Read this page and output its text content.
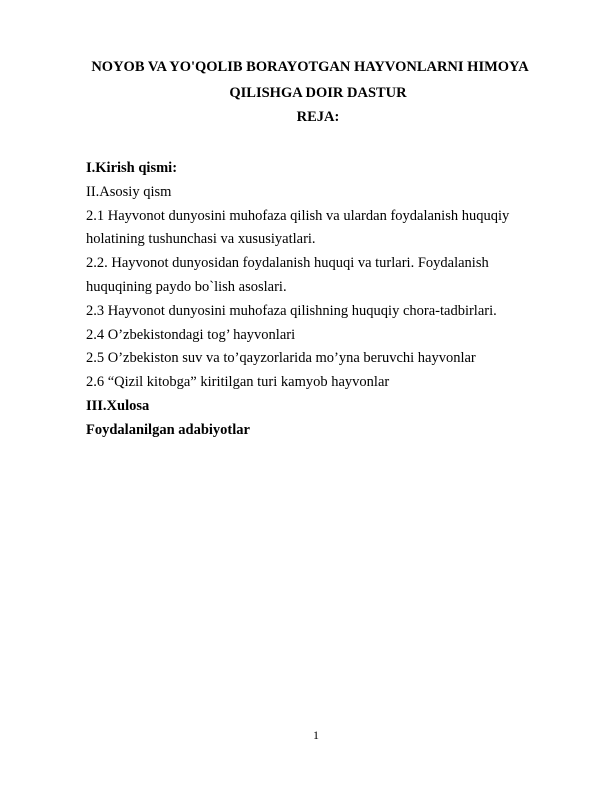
NOYOB VA YO'QOLIB BORAYOTGAN HAYVONLARNI HIMOYA
QILISHGA DOIR DASTUR
REJA:
I.Kirish qismi:
II.Asosiy qism
2.1 Hayvonot dunyosini muhofaza qilish va ulardan foydalanish huquqiy
holatining tushunchasi va xususiyatlari.
2.2. Hayvonot dunyosidan foydalanish huquqi va turlari. Foydalanish
huquqining paydo bo`lish asoslari.
2.3 Hayvonot dunyosini muhofaza qilishning huquqiy chora-tadbirlari.
2.4 O’zbekistondagi tog’ hayvonlari
2.5 O’zbekiston suv va to’qayzorlarida mo’yna beruvchi hayvonlar
2.6 “Qizil kitobga” kiritilgan turi kamyob hayvonlar
III.Xulosa
Foydalanilgan adabiyotlar
1
